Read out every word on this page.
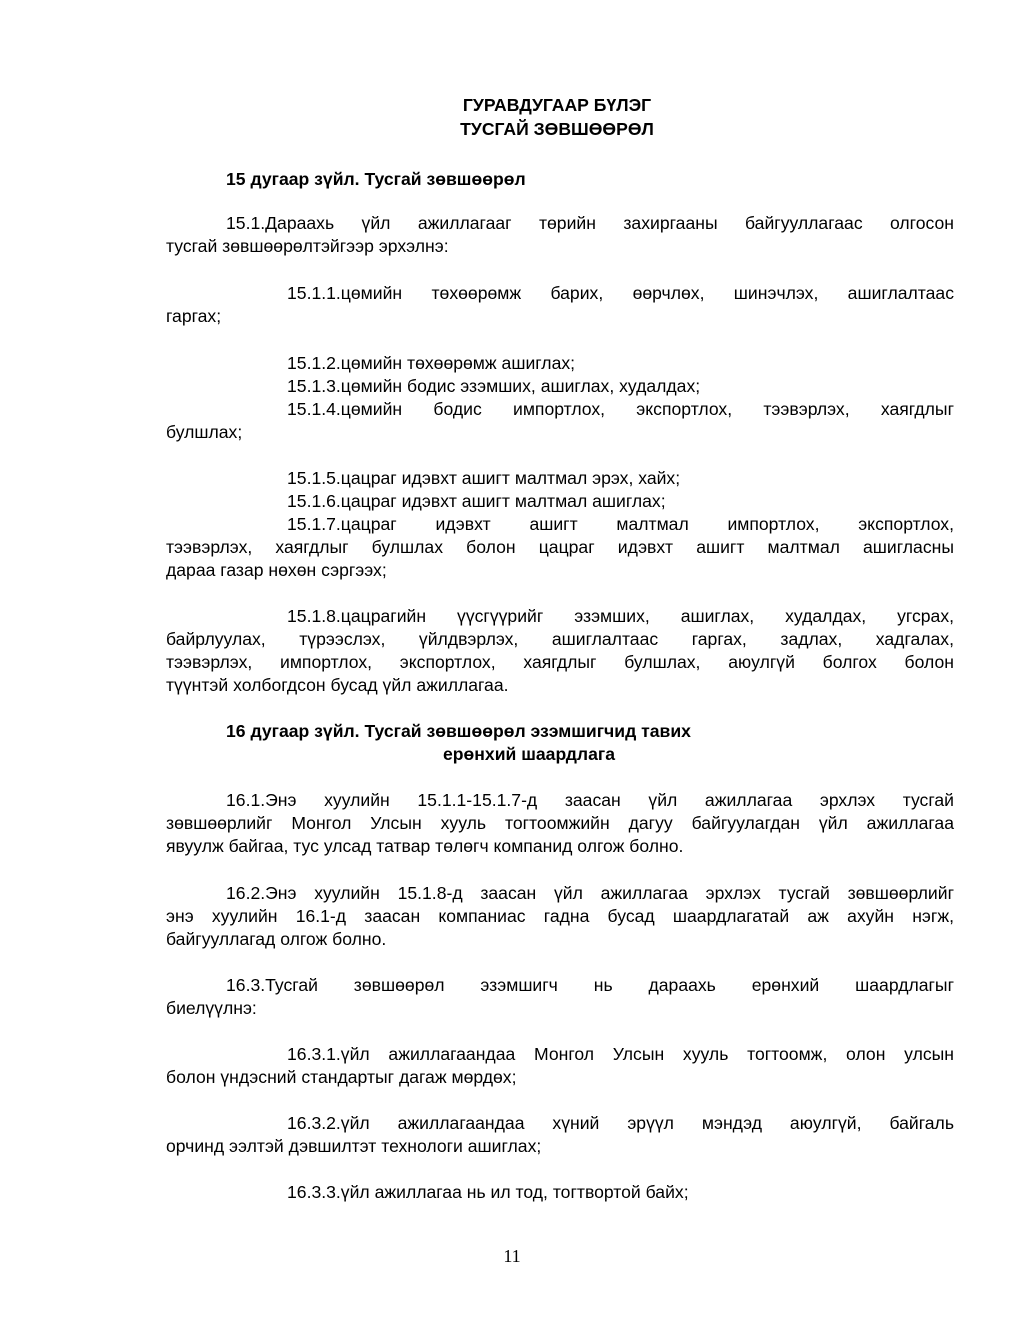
ГУРАВДУГААР БҮЛЭГ
ТУСГАЙ ЗӨВШӨӨРӨЛ
15 дугаар зүйл. Тусгай зөвшөөрөл
15.1.Дараахь үйл ажиллагааг төрийн захиргааны байгууллагаас олгосон
тусгай зөвшөөрөлтэйгээр эрхэлнэ:
15.1.1.цөмийн төхөөрөмж барих, өөрчлөх, шинэчлэх, ашиглалтаас
гаргах;
15.1.2.цөмийн төхөөрөмж ашиглах;
15.1.3.цөмийн бодис эзэмших, ашиглах, худалдах;
15.1.4.цөмийн бодис импортлох, экспортлох, тээвэрлэх, хаягдлыг
булшлах;
15.1.5.цацраг идэвхт ашигт малтмал эрэх, хайх;
15.1.6.цацраг идэвхт ашигт малтмал ашиглах;
15.1.7.цацраг идэвхт ашигт малтмал импортлох, экспортлох,
тээвэрлэх, хаягдлыг булшлах болон цацраг идэвхт ашигт малтмал ашигласны
дараа газар нөхөн сэргээх;
15.1.8.цацрагийн үүсгүүрийг эзэмших, ашиглах, худалдах, угсрах,
байрлуулах, түрээслэх, үйлдвэрлэх, ашиглалтаас гаргах, задлах, хадгалах,
тээвэрлэх, импортлох, экспортлох, хаягдлыг булшлах, аюулгүй болгох болон
түүнтэй холбогдсон бусад үйл ажиллагаа.
16 дугаар зүйл. Тусгай зөвшөөрөл эзэмшигчид тавих
ерөнхий шаардлага
16.1.Энэ хуулийн 15.1.1-15.1.7-д заасан үйл ажиллагаа эрхлэх тусгай
зөвшөөрлийг Монгол Улсын хууль тогтоомжийн дагуу байгуулагдан үйл ажиллагаа
явуулж байгаа, тус улсад татвар төлөгч компанид олгож болно.
16.2.Энэ хуулийн 15.1.8-д заасан үйл ажиллагаа эрхлэх тусгай зөвшөөрлийг
энэ хуулийн 16.1-д заасан компаниас гадна бусад шаардлагатай аж ахуйн нэгж,
байгууллагад олгож болно.
16.3.Тусгай зөвшөөрөл эзэмшигч нь дараахь ерөнхий шаардлагыг
биелүүлнэ:
16.3.1.үйл ажиллагаандаа Монгол Улсын хууль тогтоомж, олон улсын
болон үндэсний стандартыг дагаж мөрдөх;
16.3.2.үйл ажиллагаандаа хүний эрүүл мэндэд аюулгүй, байгаль
орчинд ээлтэй дэвшилтэт технологи ашиглах;
16.3.3.үйл ажиллагаа нь ил тод, тогтвортой байх;
11
